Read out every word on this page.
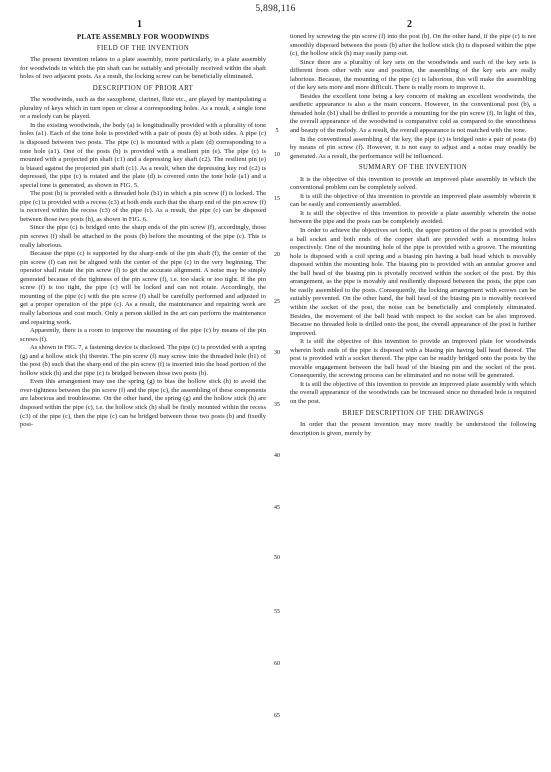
5,898,116
1	2
PLATE ASSEMBLY FOR WOODWINDS
FIELD OF THE INVENTION

The present invention relates to a plate assembly, more particularly, to a plate assembly for woodwinds in which the pin shaft can be suitably and pivotally received within the shaft holes of two adjacent posts. As a result, the locking screw can be beneficially eliminated.

DESCRIPTION OF PRIOR ART

The woodwinds, such as the saxophone, clarinet, flute etc., are played by manipulating a plurality of keys which in turn open or close a corresponding holes. As a result, a single tone or a melody can be played.

In the existing woodwinds, the body (a) is longitudinally provided with a plurality of tone holes (a1). Each of the tone hole is provided with a pair of posts (b) at both sides. A pipe (c) is disposed between two posts. The pipe (c) is mounted with a plate (d) corresponding to a tone hole (a1). One of the posts (b) is provided with a resilient pin (e). The pipe (c) is mounted with a projected pin shaft (c1) and a depressing key shaft (c2). The resilient pin (e) is biased against the projected pin shaft (c1). As a result, when the depressing key rod (c2) is depressed, the pipe (c) is rotated and the plate (d) is covered onto the tone hole (a1) and a special tone is generated, as shown in FIG. 5.

The post (b) is provided with a threaded hole (b1) in which a pin screw (f) is locked. The pipe (c) is provided with a recess (c3) at both ends such that the sharp end of the pin screw (f) is received within the recess (c3) of the pipe (c). As a result, the pipe (c) can be disposed between those two posts (b), as shown in FIG. 6.

Since the pipe (c) is bridged onto the sharp ends of the pin screw (f), accordingly, those pin screws (f) shall be attached to the posts (b) before the mounting of the pipe (c). This is really laborious.

Because the pipe (c) is supported by the sharp ends of the pin shaft (f), the center of the pin screw (f) can not be aligned with the center of the pipe (c) in the very beginning. The operator shall rotate the pin screw (f) to get the accurate alignment. A noise may be simply generated because of the tightness of the pin screw (f), i.e. too slack or too tight. If the pin screw (f) is too tight, the pipe (c) will be locked and can not rotate. Accordingly, the mounting of the pipe (c) with the pin screw (f) shall be carefully performed and adjusted to get a proper operation of the pipe (c). As a result, the maintenance and repairing work are really laborious and cost much. Only a person skilled in the art can perform the maintenance and repairing work.

Apparently, there is a room to improve the mounting of the pipe (c) by means of the pin screws (f).

As shown in FIG. 7, a fastening device is disclosed. The pipe (c) is provided with a spring (g) and a hollow stick (h) therein. The pin screw (f) may screw into the threaded hole (b1) of the post (b) such that the sharp end of the pin screw (f) is inserted into the head portion of the hollow stick (h) and the pipe (c) is bridged between those two posts (b).

Even this arrangement may use the spring (g) to bias the hollow stick (h) to avoid the over-tightness between the pin screw (f) and the pipe (c), the assembling of these components are laborious and troublesome. On the other hand, the spring (g) and the hollow stick (h) are disposed within the pipe (c), i.e. the hollow stick (h) shall be firstly mounted within the recess (c3) of the pipe (c), then the pipe (c) can be bridged between those two posts (b) and fixedly posi-

5
10
15
20
25
30
35
40
45
50
55
60
65

tioned by screwing the pin screw (f) into the post (b). On the other hand, if the pipe (c) is not smoothly disposed between the posts (b) after the hollow stick (h) is disposed within the pipe (c), the hollow stick (h) may easily jump out.

Since there are a plurality of key sets on the woodwinds and each of the key sets is different from other with size and position, the assembling of the key sets are really laborious. Because, the mounting of the pipe (c) is laborious, this will make the assembling of the key sets more and more difficult. There is really room to improve it.

Besides the excellent tone being a key concern of making an excellent woodwinds, the aesthetic appearance is also a the main concern. However, in the conventional post (b), a threaded hole (b1) shall be drilled to provide a mounting for the pin screw (f). In light of this, the overall appearance of the woodwind is comparative cold as compared to the smoothness and beauty of the melody. As a result, the overall appearance is not matched with the tone.

In the conventional assembling of the key, the pipe (c) is bridged onto a pair of posts (b) by means of pin screw (f). However, it is not easy to adjust and a noise may readily be generated. As a result, the performance will be influenced.

SUMMARY OF THE INVENTION

It is the objective of this invention to provide an improved plate assembly in which the conventional problem can be completely solved.

It is still the objective of this invention to provide an improved plate assembly wherein it can be easily and conveniently assembled.

It is still the objective of this invention to provide a plate assembly wherein the noise between the pipe and the posts can be completely avoided.

In order to achieve the objectives set forth, the upper portion of the post is provided with a ball socket and both ends of the copper shaft are provided with a mounting holes respectively. One of the mounting hole of the pipe is provided with a groove. The mounting hole is disposed with a coil spring and a biasing pin having a ball head which is movably disposed within the mounting hole. The biasing pin is provided with an annular groove and the ball head of the biasing pin is pivotally received within the socket of the post. By this arrangement, as the pipe is movably and resiliently disposed between the posts, the pipe can be easily assembled to the posts. Consequently, the locking arrangement with screws can be suitably prevented. On the other hand, the ball head of the biasing pin is movably received within the socket of the post, the noise can be beneficially and completely eliminated. Besides, the movement of the ball head with respect to the socket can be also improved. Because no threaded hole is drilled onto the post, the overall appearance of the post is further improved.

It is still the objective of this invention to provide an improved plate for woodwinds wherein both ends of the pipe is disposed with a biasing pin having ball head thereof. The post is provided with a socket thereof. The pipe can be readily bridged onto the posts by the movable engagement between the ball head of the biasing pin and the socket of the post. Consequently, the screwing process can be eliminated and no noise will be generated.

It is still the objective of this invention to provide an improved plate assembly with which the overall appearance of the woodwinds can be increased since no threaded hole is required on the post.

BRIEF DESCRIPTION OF THE DRAWINGS

In order that the present invention may more readily be understood the following description is given, merely by
